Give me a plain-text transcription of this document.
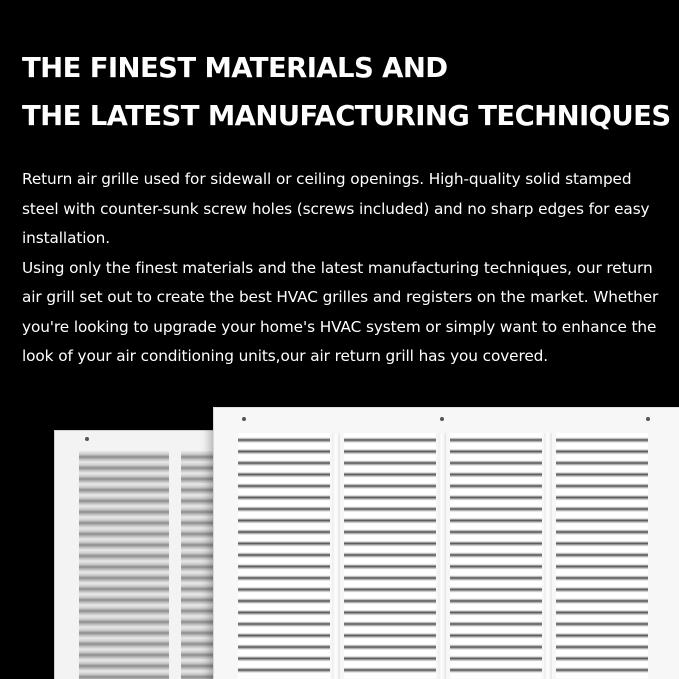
THE FINEST MATERIALS AND
THE LATEST MANUFACTURING TECHNIQUES
Return air grille used for sidewall or ceiling openings. High-quality solid stamped
steel with counter-sunk screw holes (screws included) and no sharp edges for easy
installation.
Using only the finest materials and the latest manufacturing techniques, our return
air grill set out to create the best HVAC grilles and registers on the market. Whether
you're looking to upgrade your home's HVAC system or simply want to enhance the
look of your air conditioning units,our air return grill has you covered.
